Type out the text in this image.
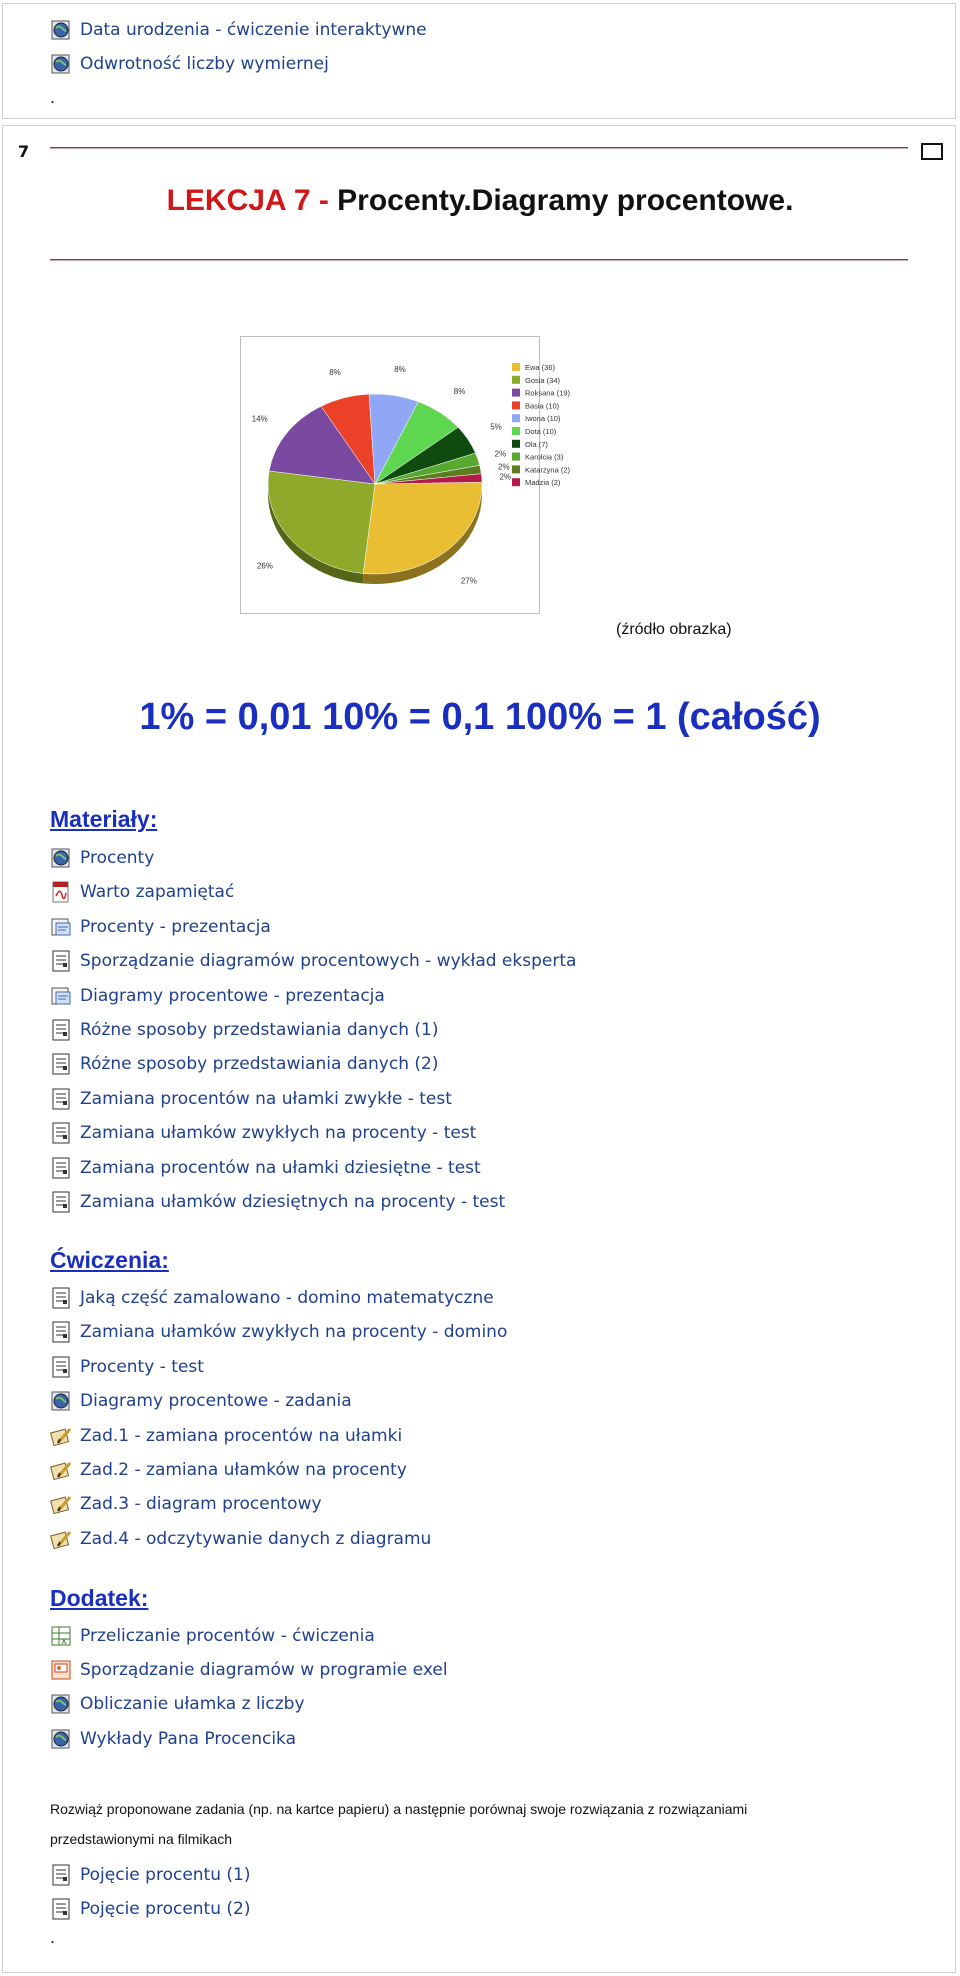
Data urodzenia - ćwiczenie interaktywne
Odwrotność liczby wymiernej
.
7
LEKCJA 7 - Procenty.Diagramy procentowe.
27%
26%
14%
8%	8%
8%
5%
2%
2%
2%
Ewa (36)
Gosia (34)
Roksana (19)
Basia (10)
Iwona (10)
Dota (10)
Ola (7)
Karolcia (3)
Katarzyna (2)
Madzia (2)
(źródło obrazka)
1% = 0,01 10% = 0,1 100% = 1 (całość)
Materiały:
Procenty
Warto zapamiętać
Procenty - prezentacja
Sporządzanie diagramów procentowych - wykład eksperta
Diagramy procentowe - prezentacja
Różne sposoby przedstawiania danych (1)
Różne sposoby przedstawiania danych (2)
Zamiana procentów na ułamki zwykłe - test
Zamiana ułamków zwykłych na procenty - test
Zamiana procentów na ułamki dziesiętne - test
Zamiana ułamków dziesiętnych na procenty - test
Ćwiczenia:
Jaką część zamalowano - domino matematyczne
Zamiana ułamków zwykłych na procenty - domino
Procenty - test
Diagramy procentowe - zadania
Zad.1 - zamiana procentów na ułamki
Zad.2 - zamiana ułamków na procenty
Zad.3 - diagram procentowy
Zad.4 - odczytywanie danych z diagramu
Dodatek:
x Przeliczanie procentów - ćwiczenia
Sporządzanie diagramów w programie exel
Obliczanie ułamka z liczby
Wykłady Pana Procencika
Rozwiąż proponowane zadania (np. na kartce papieru) a następnie porównaj swoje rozwiązania z rozwiązaniami
przedstawionymi na filmikach
Pojęcie procentu (1)
Pojęcie procentu (2)
.
